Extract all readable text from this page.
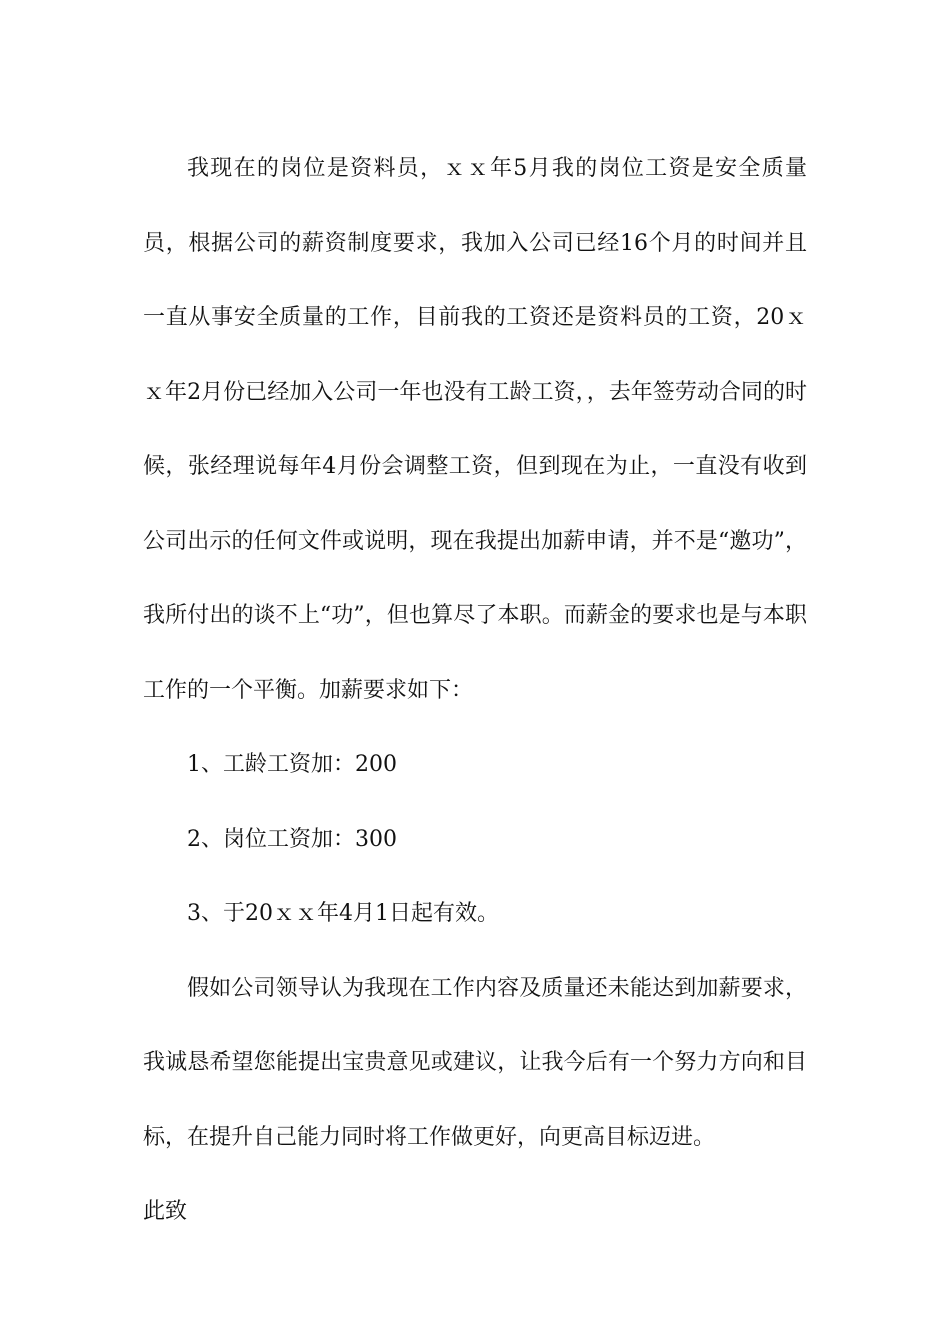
我现在的岗位是资料员，ｘｘ年5月我的岗位工资是安全质量员，根据公司的薪资制度要求，我加入公司已经16个月的时间并且一直从事安全质量的工作，目前我的工资还是资料员的工资，20ｘｘ年2月份已经加入公司一年也没有工龄工资，，去年签劳动合同的时候，张经理说每年4月份会调整工资，但到现在为止，一直没有收到公司出示的任何文件或说明，现在我提出加薪申请，并不是“邀功”，我所付出的谈不上“功”，但也算尽了本职。而薪金的要求也是与本职工作的一个平衡。加薪要求如下：

1、工龄工资加：200

2、岗位工资加：300

3、于20ｘｘ年4月1日起有效。

假如公司领导认为我现在工作内容及质量还未能达到加薪要求，我诚恳希望您能提出宝贵意见或建议，让我今后有一个努力方向和目标，在提升自己能力同时将工作做更好，向更高目标迈进。

此致
